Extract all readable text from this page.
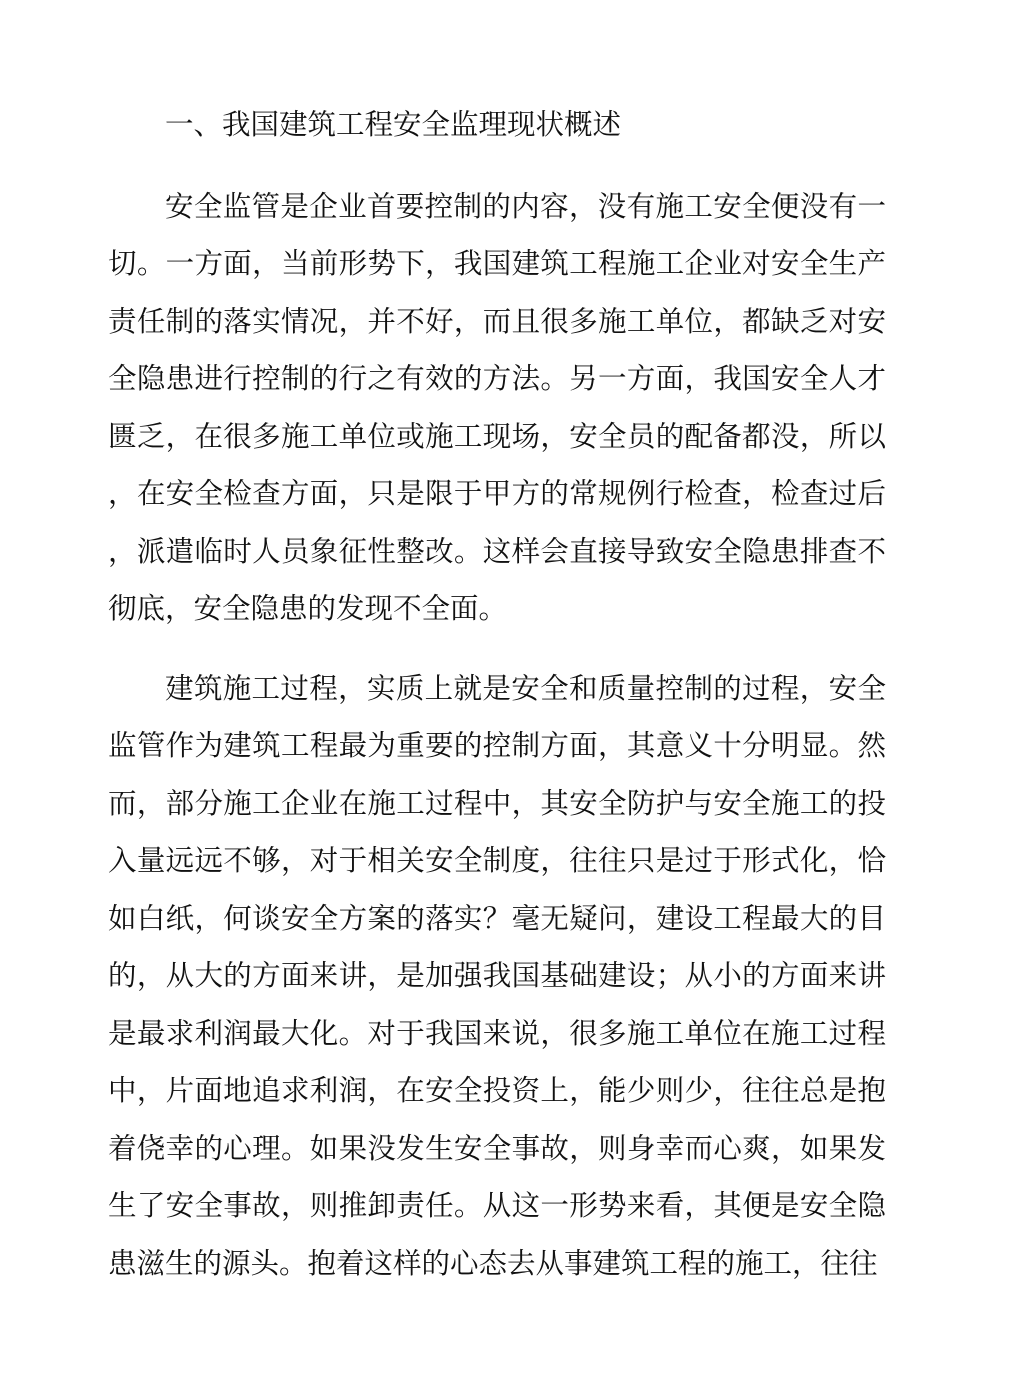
一、我国建筑工程安全监理现状概述

安全监管是企业首要控制的内容，没有施工安全便没有一切。一方面，当前形势下，我国建筑工程施工企业对安全生产责任制的落实情况，并不好，而且很多施工单位，都缺乏对安全隐患进行控制的行之有效的方法。另一方面，我国安全人才匮乏，在很多施工单位或施工现场，安全员的配备都没，所以，在安全检查方面，只是限于甲方的常规例行检查，检查过后，派遣临时人员象征性整改。这样会直接导致安全隐患排查不彻底，安全隐患的发现不全面。

建筑施工过程，实质上就是安全和质量控制的过程，安全监管作为建筑工程最为重要的控制方面，其意义十分明显。然而，部分施工企业在施工过程中，其安全防护与安全施工的投入量远远不够，对于相关安全制度，往往只是过于形式化，恰如白纸，何谈安全方案的落实？毫无疑问，建设工程最大的目的，从大的方面来讲，是加强我国基础建设；从小的方面来讲是最求利润最大化。对于我国来说，很多施工单位在施工过程中，片面地追求利润，在安全投资上，能少则少，往往总是抱着侥幸的心理。如果没发生安全事故，则身幸而心爽，如果发生了安全事故，则推卸责任。从这一形势来看，其便是安全隐患滋生的源头。抱着这样的心态去从事建筑工程的施工，往往
